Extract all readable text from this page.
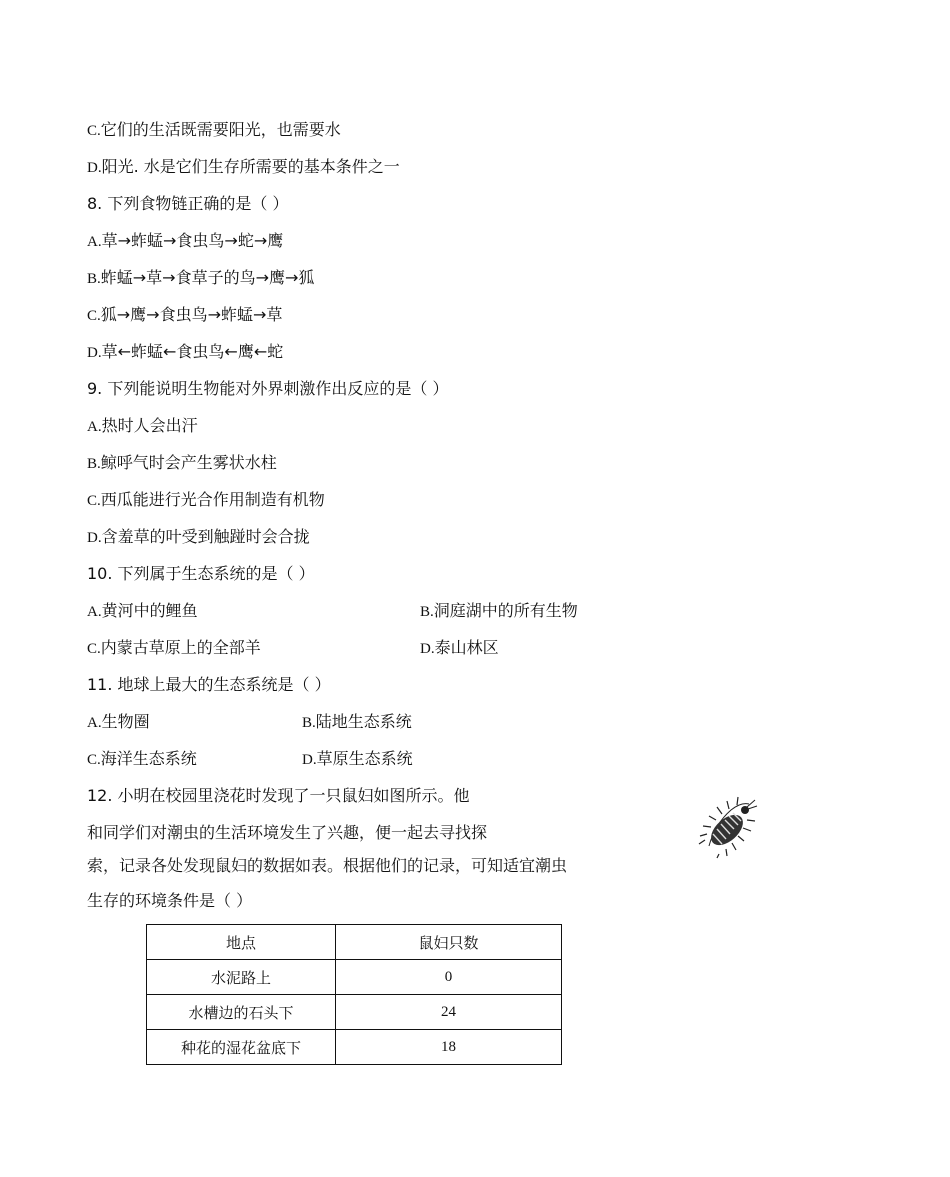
C.它们的生活既需要阳光，也需要水
D.阳光. 水是它们生存所需要的基本条件之一
8. 下列食物链正确的是（ ）
A.草→蚱蜢→食虫鸟→蛇→鹰
B.蚱蜢→草→食草子的鸟→鹰→狐
C.狐→鹰→食虫鸟→蚱蜢→草
D.草←蚱蜢←食虫鸟←鹰←蛇
9. 下列能说明生物能对外界刺激作出反应的是（ ）
A.热时人会出汗
B.鲸呼气时会产生雾状水柱
C.西瓜能进行光合作用制造有机物
D.含羞草的叶受到触踫时会合拢
10. 下列属于生态系统的是（ ）
A.黄河中的鲤鱼	B.洞庭湖中的所有生物
C.内蒙古草原上的全部羊	D.泰山林区
11. 地球上最大的生态系统是（ ）
A.生物圈	B.陆地生态系统
C.海洋生态系统	D.草原生态系统
12. 小明在校园里浇花时发现了一只鼠妇如图所示。他
和同学们对潮虫的生活环境发生了兴趣，便一起去寻找探
索，记录各处发现鼠妇的数据如表。根据他们的记录，可知适宜潮虫
生存的环境条件是（ ）
地点	鼠妇只数
水泥路上	0
水槽边的石头下	24
种花的湿花盆底下	18
